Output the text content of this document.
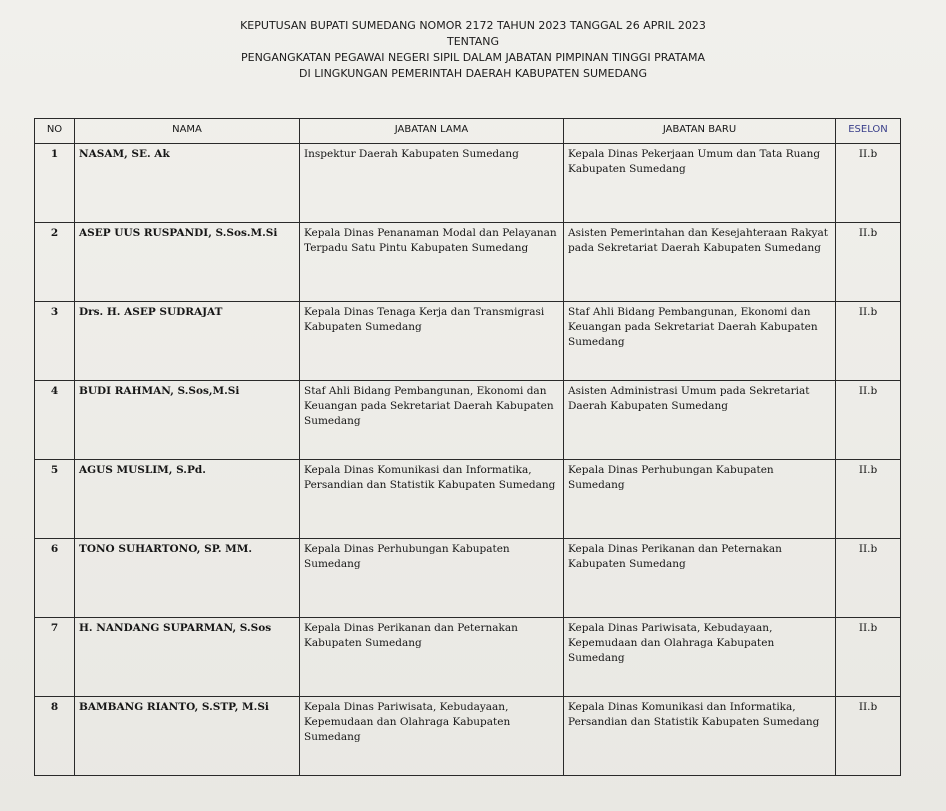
KEPUTUSAN BUPATI SUMEDANG NOMOR 2172 TAHUN 2023 TANGGAL 26 APRIL 2023
TENTANG
PENGANGKATAN PEGAWAI NEGERI SIPIL DALAM JABATAN PIMPINAN TINGGI PRATAMA
DI LINGKUNGAN PEMERINTAH DAERAH KABUPATEN SUMEDANG
NO	NAMA	JABATAN LAMA	JABATAN BARU	ESELON
1	NASAM, SE. Ak	Inspektur Daerah Kabupaten Sumedang	Kepala Dinas Pekerjaan Umum dan Tata Ruang Kabupaten Sumedang	II.b
2	ASEP UUS RUSPANDI, S.Sos.M.Si	Kepala Dinas Penanaman Modal dan Pelayanan Terpadu Satu Pintu Kabupaten Sumedang	Asisten Pemerintahan dan Kesejahteraan Rakyat pada Sekretariat Daerah Kabupaten Sumedang	II.b
3	Drs. H. ASEP SUDRAJAT	Kepala Dinas Tenaga Kerja dan Transmigrasi Kabupaten Sumedang	Staf Ahli Bidang Pembangunan, Ekonomi dan Keuangan pada Sekretariat Daerah Kabupaten Sumedang	II.b
4	BUDI RAHMAN, S.Sos,M.Si	Staf Ahli Bidang Pembangunan, Ekonomi dan Keuangan pada Sekretariat Daerah Kabupaten Sumedang	Asisten Administrasi Umum pada Sekretariat Daerah Kabupaten Sumedang	II.b
5	AGUS MUSLIM, S.Pd.	Kepala Dinas Komunikasi dan Informatika, Persandian dan Statistik Kabupaten Sumedang	Kepala Dinas Perhubungan Kabupaten Sumedang	II.b
6	TONO SUHARTONO, SP. MM.	Kepala Dinas Perhubungan Kabupaten Sumedang	Kepala Dinas Perikanan dan Peternakan Kabupaten Sumedang	II.b
7	H. NANDANG SUPARMAN, S.Sos	Kepala Dinas Perikanan dan Peternakan Kabupaten Sumedang	Kepala Dinas Pariwisata, Kebudayaan, Kepemudaan dan Olahraga Kabupaten Sumedang	II.b
8	BAMBANG RIANTO, S.STP, M.Si	Kepala Dinas Pariwisata, Kebudayaan, Kepemudaan dan Olahraga Kabupaten Sumedang	Kepala Dinas Komunikasi dan Informatika, Persandian dan Statistik Kabupaten Sumedang	II.b
